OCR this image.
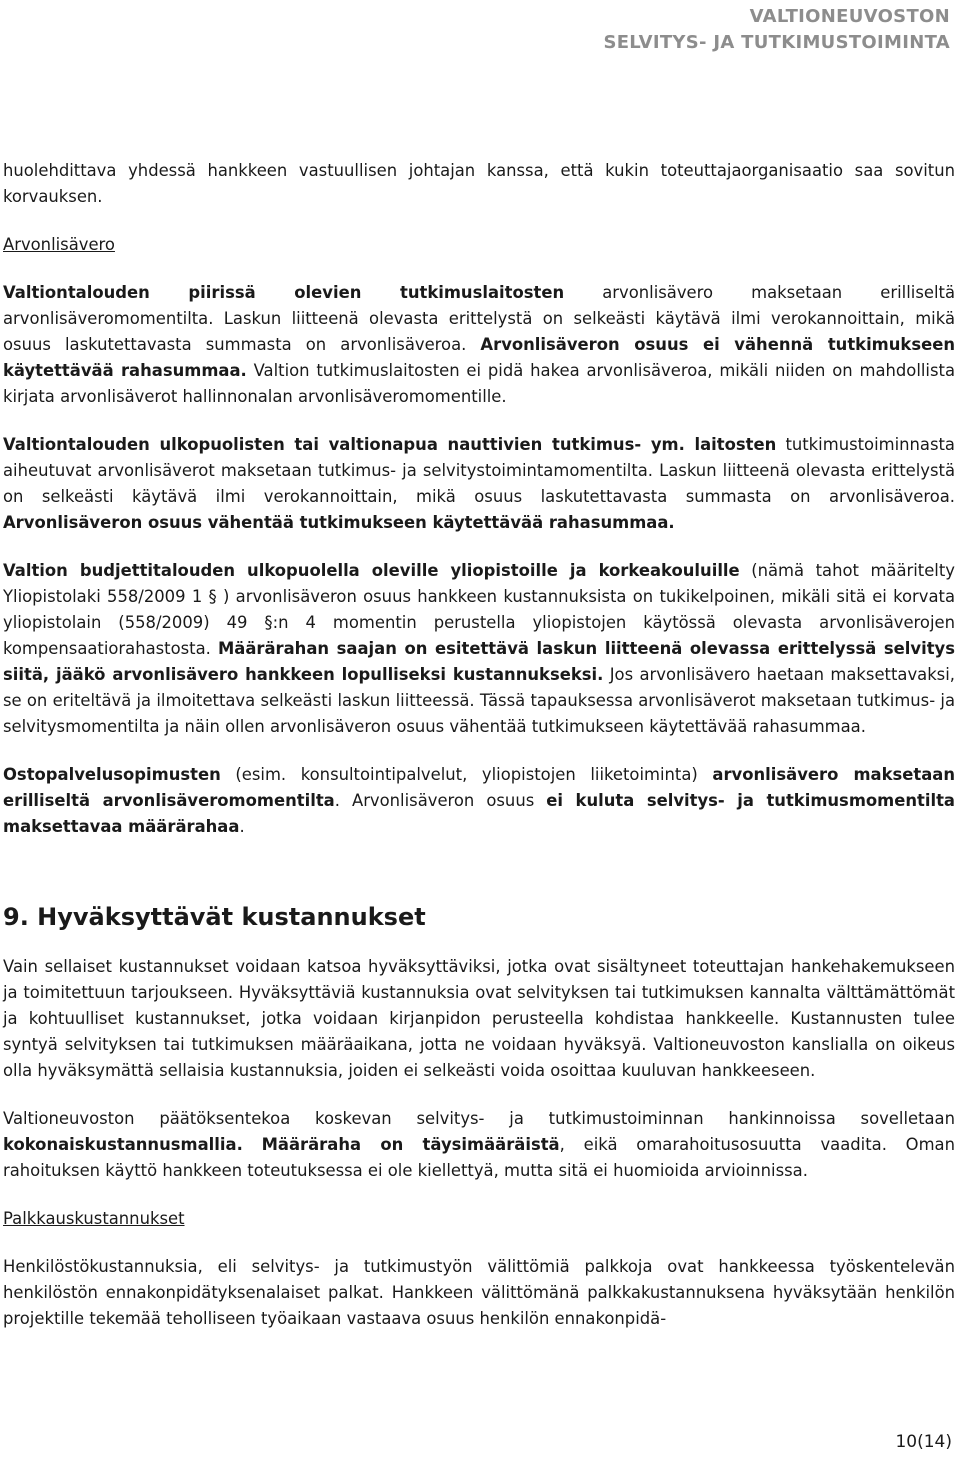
VALTIONEUVOSTON
SELVITYS- JA TUTKIMUSTOIMINTA

huolehdittava yhdessä hankkeen vastuullisen johtajan kanssa, että kukin toteuttajaorganisaatio saa sovitun korvauksen.

Arvonlisävero

Valtiontalouden piirissä olevien tutkimuslaitosten arvonlisävero maksetaan erilliseltä arvonlisäveromomentilta. Laskun liitteenä olevasta erittelystä on selkeästi käytävä ilmi verokannoittain, mikä osuus laskutettavasta summasta on arvonlisäveroa. Arvonlisäveron osuus ei vähennä tutkimukseen käytettävää rahasummaa. Valtion tutkimuslaitosten ei pidä hakea arvonlisäveroa, mikäli niiden on mahdollista kirjata arvonlisäverot hallinnonalan arvonlisäveromomentille.

Valtiontalouden ulkopuolisten tai valtionapua nauttivien tutkimus- ym. laitosten tutkimustoiminnasta aiheutuvat arvonlisäverot maksetaan tutkimus- ja selvitystoimintamomentilta. Laskun liitteenä olevasta erittelystä on selkeästi käytävä ilmi verokannoittain, mikä osuus laskutettavasta summasta on arvonlisäveroa. Arvonlisäveron osuus vähentää tutkimukseen käytettävää rahasummaa.

Valtion budjettitalouden ulkopuolella oleville yliopistoille ja korkeakouluille (nämä tahot määritelty Yliopistolaki 558/2009 1 § ) arvonlisäveron osuus hankkeen kustannuksista on tukikelpoinen, mikäli sitä ei korvata yliopistolain (558/2009) 49 §:n 4 momentin perustella yliopistojen käytössä olevasta arvonlisäverojen kompensaatiorahastosta. Määrärahan saajan on esitettävä laskun liitteenä olevassa erittelyssä selvitys siitä, jääkö arvonlisävero hankkeen lopulliseksi kustannukseksi. Jos arvonlisävero haetaan maksettavaksi, se on eriteltävä ja ilmoitettava selkeästi laskun liitteessä. Tässä tapauksessa arvonlisäverot maksetaan tutkimus- ja selvitysmomentilta ja näin ollen arvonlisäveron osuus vähentää tutkimukseen käytettävää rahasummaa.

Ostopalvelusopimusten (esim. konsultointipalvelut, yliopistojen liiketoiminta) arvonlisävero maksetaan erilliseltä arvonlisäveromomentilta. Arvonlisäveron osuus ei kuluta selvitys- ja tutkimusmomentilta maksettavaa määrärahaa.

9. Hyväksyttävät kustannukset

Vain sellaiset kustannukset voidaan katsoa hyväksyttäviksi, jotka ovat sisältyneet toteuttajan hankehakemukseen ja toimitettuun tarjoukseen. Hyväksyttäviä kustannuksia ovat selvityksen tai tutkimuksen kannalta välttämättömät ja kohtuulliset kustannukset, jotka voidaan kirjanpidon perusteella kohdistaa hankkeelle. Kustannusten tulee syntyä selvityksen tai tutkimuksen määräaikana, jotta ne voidaan hyväksyä. Valtioneuvoston kanslialla on oikeus olla hyväksymättä sellaisia kustannuksia, joiden ei selkeästi voida osoittaa kuuluvan hankkeeseen.

Valtioneuvoston päätöksentekoa koskevan selvitys- ja tutkimustoiminnan hankinnoissa sovelletaan kokonaiskustannusmallia. Määräraha on täysimääräistä, eikä omarahoitusosuutta vaadita. Oman rahoituksen käyttö hankkeen toteutuksessa ei ole kiellettyä, mutta sitä ei huomioida arvioinnissa.

Palkkauskustannukset

Henkilöstökustannuksia, eli selvitys- ja tutkimustyön välittömiä palkkoja ovat hankkeessa työskentelevän henkilöstön ennakonpidätyksenalaiset palkat. Hankkeen välittömänä palkkakustannuksena hyväksytään henkilön projektille tekemää teholliseen työaikaan vastaava osuus henkilön ennakonpidä-

10(14)
